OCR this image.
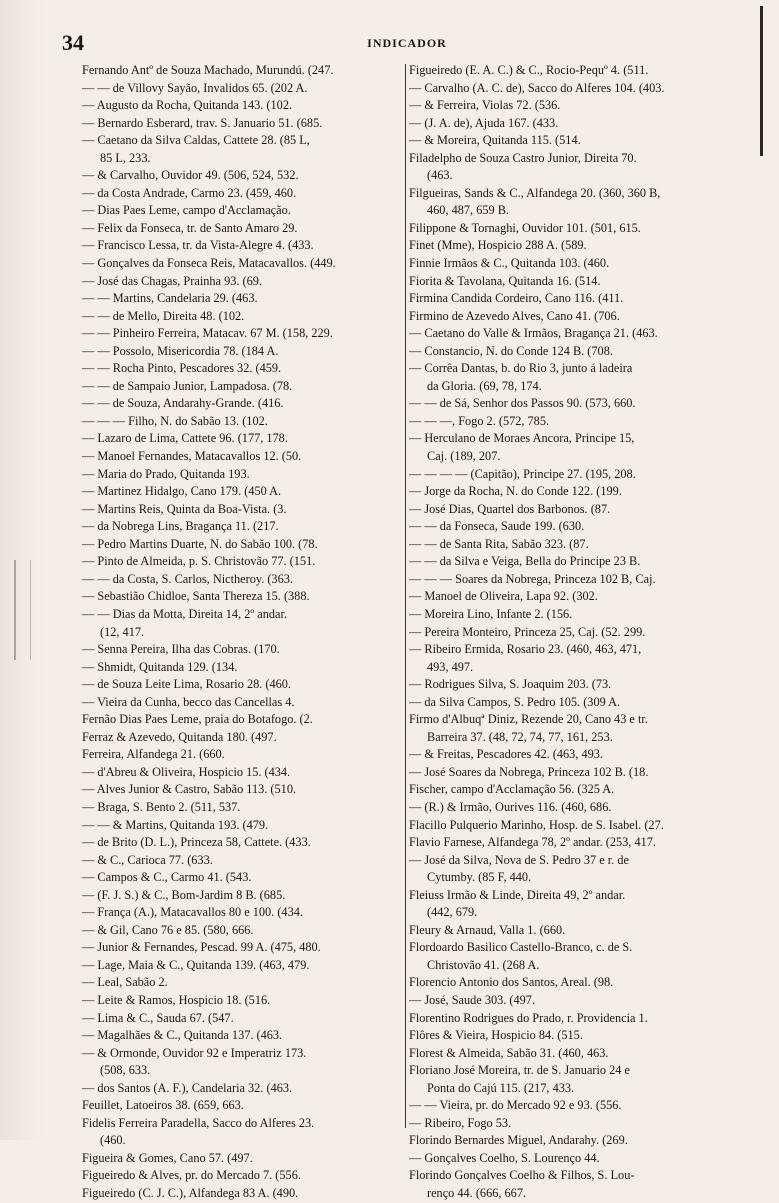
34	INDICADOR
Fernando Antº de Souza Machado, Murundú. (247.
— — de Villovy Sayão, Invalidos 65. (202 A.
— Augusto da Rocha, Quitanda 143. (102.
— Bernardo Esberard, trav. S. Januario 51. (685.
— Caetano da Silva Caldas, Cattete 28. (85 L,
85 L, 233.
— & Carvalho, Ouvidor 49. (506, 524, 532.
— da Costa Andrade, Carmo 23. (459, 460.
— Dias Paes Leme, campo d'Acclamação.
— Felix da Fonseca, tr. de Santo Amaro 29.
— Francisco Lessa, tr. da Vista-Alegre 4. (433.
— Gonçalves da Fonseca Reis, Matacavallos. (449.
— José das Chagas, Prainha 93. (69.
— — Martins, Candelaria 29. (463.
— — de Mello, Direita 48. (102.
— — Pinheiro Ferreira, Matacav. 67 M. (158, 229.
— — Possolo, Misericordia 78. (184 A.
— — Rocha Pinto, Pescadores 32. (459.
— — de Sampaio Junior, Lampadosa. (78.
— — de Souza, Andarahy-Grande. (416.
— — — Filho, N. do Sabão 13. (102.
— Lazaro de Lima, Cattete 96. (177, 178.
— Manoel Fernandes, Matacavallos 12. (50.
— Maria do Prado, Quitanda 193.
— Martinez Hidalgo, Cano 179. (450 A.
— Martins Reis, Quinta da Boa-Vista. (3.
— da Nobrega Lins, Bragança 11. (217.
— Pedro Martins Duarte, N. do Sabão 100. (78.
— Pinto de Almeida, p. S. Christovão 77. (151.
— — da Costa, S. Carlos, Nictheroy. (363.
— Sebastião Chidloe, Santa Thereza 15. (388.
— — Dias da Motta, Direita 14, 2º andar.
(12, 417.
— Senna Pereira, Ilha das Cobras. (170.
— Shmidt, Quitanda 129. (134.
— de Souza Leite Lima, Rosario 28. (460.
— Vieira da Cunha, becco das Cancellas 4.
Fernão Dias Paes Leme, praia do Botafogo. (2.
Ferraz & Azevedo, Quitanda 180. (497.
Ferreira, Alfandega 21. (660.
— d'Abreu & Oliveira, Hospicio 15. (434.
— Alves Junior & Castro, Sabão 113. (510.
— Braga, S. Bento 2. (511, 537.
— — & Martins, Quitanda 193. (479.
— de Brito (D. L.), Princeza 58, Cattete. (433.
— & C., Carioca 77. (633.
— Campos & C., Carmo 41. (543.
— (F. J. S.) & C., Bom-Jardim 8 B. (685.
— França (A.), Matacavallos 80 e 100. (434.
— & Gil, Cano 76 e 85. (580, 666.
— Junior & Fernandes, Pescad. 99 A. (475, 480.
— Lage, Maia & C., Quitanda 139. (463, 479.
— Leal, Sabão 2.
— Leite & Ramos, Hospicio 18. (516.
— Lima & C., Sauda 67. (547.
— Magalhães & C., Quitanda 137. (463.
— & Ormonde, Ouvidor 92 e Imperatriz 173.
(508, 633.
— dos Santos (A. F.), Candelaria 32. (463.
Feuillet, Latoeiros 38. (659, 663.
Fidelis Ferreira Paradella, Sacco do Alferes 23.
(460.
Figueira & Gomes, Cano 57. (497.
Figueiredo & Alves, pr. do Mercado 7. (556.
Figueiredo (C. J. C.), Alfandega 83 A. (490.
Figueiredo (E. A. C.) & C., Rocio-Pequº 4. (511.
— Carvalho (A. C. de), Sacco do Alferes 104. (403.
— & Ferreira, Violas 72. (536.
— (J. A. de), Ajuda 167. (433.
— & Moreira, Quitanda 115. (514.
Filadelpho de Souza Castro Junior, Direita 70.
(463.
Filgueiras, Sands & C., Alfandega 20. (360, 360 B,
460, 487, 659 B.
Filippone & Tornaghi, Ouvidor 101. (501, 615.
Finet (Mme), Hospicio 288 A. (589.
Finnie Irmãos & C., Quitanda 103. (460.
Fiorita & Tavolana, Quitanda 16. (514.
Firmina Candida Cordeiro, Cano 116. (411.
Firmino de Azevedo Alves, Cano 41. (706.
— Caetano do Valle & Irmãos, Bragança 21. (463.
— Constancio, N. do Conde 124 B. (708.
— Corrêa Dantas, b. do Rio 3, junto á ladeira
da Gloria. (69, 78, 174.
— — de Sá, Senhor dos Passos 90. (573, 660.
— — —, Fogo 2. (572, 785.
— Herculano de Moraes Ancora, Principe 15,
Caj. (189, 207.
— — — — (Capitão), Principe 27. (195, 208.
— Jorge da Rocha, N. do Conde 122. (199.
— José Dias, Quartel dos Barbonos. (87.
— — da Fonseca, Saude 199. (630.
— — de Santa Rita, Sabão 323. (87.
— — da Silva e Veiga, Bella do Principe 23 B.
— — — Soares da Nobrega, Princeza 102 B, Caj.
— Manoel de Oliveira, Lapa 92. (302.
— Moreira Lino, Infante 2. (156.
— Pereira Monteiro, Princeza 25, Caj. (52. 299.
— Ribeiro Ermida, Rosario 23. (460, 463, 471,
493, 497.
— Rodrigues Silva, S. Joaquim 203. (73.
— da Silva Campos, S. Pedro 105. (309 A.
Firmo d'Albuqª Diniz, Rezende 20, Cano 43 e tr.
Barreira 37. (48, 72, 74, 77, 161, 253.
— & Freitas, Pescadores 42. (463, 493.
— José Soares da Nobrega, Princeza 102 B. (18.
Fischer, campo d'Acclamação 56. (325 A.
— (R.) & Irmão, Ourives 116. (460, 686.
Flacillo Pulquerio Marinho, Hosp. de S. Isabel. (27.
Flavio Farnese, Alfandega 78, 2º andar. (253, 417.
— José da Silva, Nova de S. Pedro 37 e r. de
Cytumby. (85 F, 440.
Fleiuss Irmão & Linde, Direita 49, 2º andar.
(442, 679.
Fleury & Arnaud, Valla 1. (660.
Flordoardo Basilico Castello-Branco, c. de S.
Christovão 41. (268 A.
Florencio Antonio dos Santos, Areal. (98.
— José, Saude 303. (497.
Florentino Rodrigues do Prado, r. Providencia 1.
Flôres & Vieira, Hospicio 84. (515.
Florest & Almeida, Sabão 31. (460, 463.
Floriano José Moreira, tr. de S. Januario 24 e
Ponta do Cajú 115. (217, 433.
— — Vieira, pr. do Mercado 92 e 93. (556.
— Ribeiro, Fogo 53.
Florindo Bernardes Miguel, Andarahy. (269.
— Gonçalves Coelho, S. Lourenço 44.
Florindo Gonçalves Coelho & Filhos, S. Lou-
renço 44. (666, 667.
